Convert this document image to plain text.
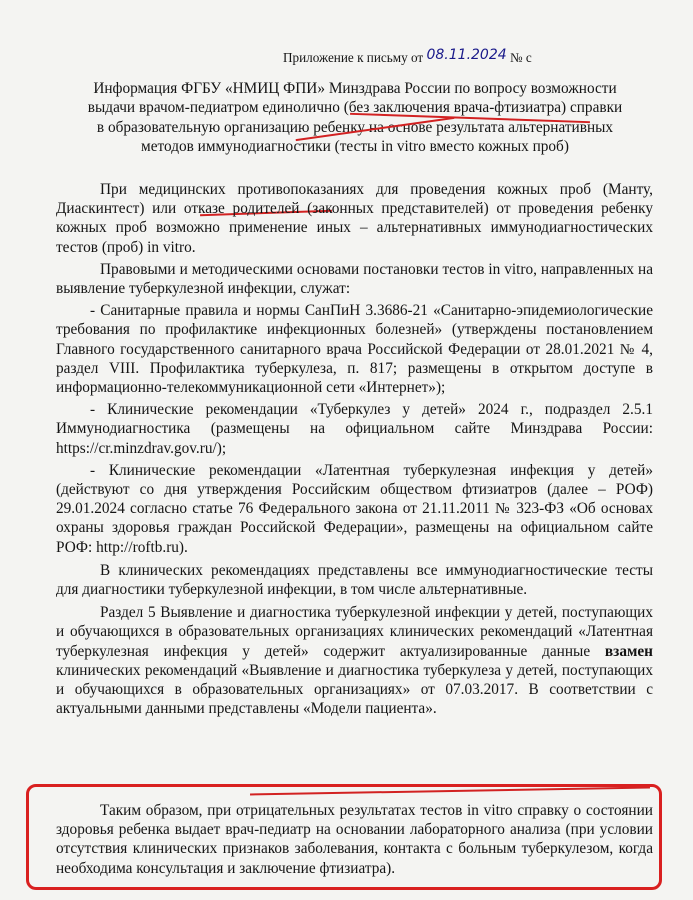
Приложение к письму от 08.11.2024 № с
Информация ФГБУ «НМИЦ ФПИ» Минздрава России по вопросу возможности
выдачи врачом-педиатром единолично (без заключения врача-фтизиатра) справки
в образовательную организацию ребенку на основе результата альтернативных
методов иммунодиагностики (тесты in vitro вместо кожных проб)

При медицинских противопоказаниях для проведения кожных проб (Манту, Диаскинтест) или отказе родителей (законных представителей) от проведения ребенку кожных проб возможно применение иных – альтернативных иммунодиагностических тестов (проб) in vitro.

Правовыми и методическими основами постановки тестов in vitro, направленных на выявление туберкулезной инфекции, служат:

- Санитарные правила и нормы СанПиН 3.3686-21 «Санитарно-эпидемиологические требования по профилактике инфекционных болезней» (утверждены постановлением Главного государственного санитарного врача Российской Федерации от 28.01.2021 № 4, раздел VIII. Профилактика туберкулеза, п. 817; размещены в открытом доступе в информационно-телекоммуникационной сети «Интернет»);

- Клинические рекомендации «Туберкулез у детей» 2024 г., подраздел 2.5.1 Иммунодиагностика (размещены на официальном сайте Минздрава России: https://cr.minzdrav.gov.ru/);

- Клинические рекомендации «Латентная туберкулезная инфекция у детей» (действуют со дня утверждения Российским обществом фтизиатров (далее – РОФ) 29.01.2024 согласно статье 76 Федерального закона от 21.11.2011 № 323-ФЗ «Об основах охраны здоровья граждан Российской Федерации», размещены на официальном сайте РОФ: http://roftb.ru).

В клинических рекомендациях представлены все иммунодиагностические тесты для диагностики туберкулезной инфекции, в том числе альтернативные.

Раздел 5 Выявление и диагностика туберкулезной инфекции у детей, поступающих и обучающихся в образовательных организациях клинических рекомендаций «Латентная туберкулезная инфекция у детей» содержит актуализированные данные взамен клинических рекомендаций «Выявление и диагностика туберкулеза у детей, поступающих и обучающихся в образовательных организациях» от 07.03.2017. В соответствии с актуальными данными представлены «Модели пациента».

Таким образом, при отрицательных результатах тестов in vitro справку о состоянии здоровья ребенка выдает врач-педиатр на основании лабораторного анализа (при условии отсутствия клинических признаков заболевания, контакта с больным туберкулезом, когда необходима консультация и заключение фтизиатра).
